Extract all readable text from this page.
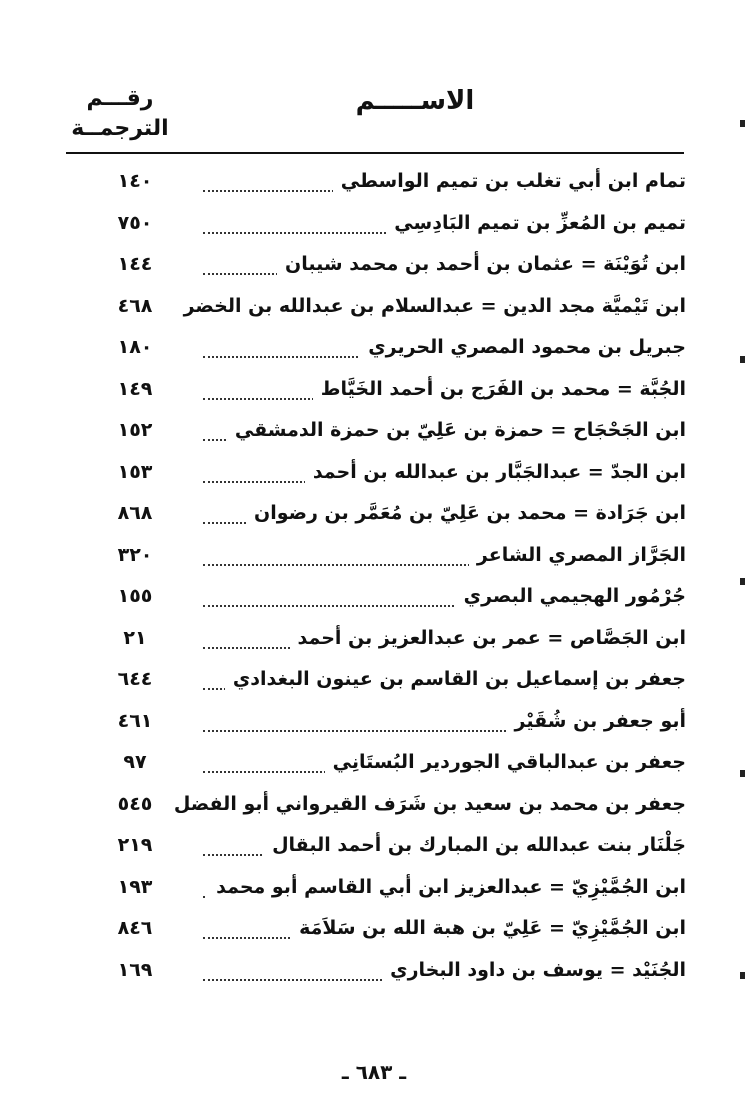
الاســـــم
رقـــم
الترجمــة
تمام ابن أبي تغلب بن تميم الواسطي
١٤٠
تميم بن المُعزِّ بن تميم البَادِسِي
٧٥٠
ابن تُوَيْنَة = عثمان بن أحمد بن محمد شيبان
١٤٤
ابن تَيْميَّة مجد الدين = عبدالسلام بن عبدالله بن الخضر
٤٦٨
جبريل بن محمود المصري الحريري
١٨٠
الجُبَّة = محمد بن الفَرَج بن أحمد الخَيَّاط
١٤٩
ابن الجَحْجَاح = حمزة بن عَلِيّ بن حمزة الدمشقي
١٥٢
ابن الجدّ = عبدالجَبَّار بن عبدالله بن أحمد
١٥٣
ابن جَرَادة = محمد بن عَلِيّ بن مُعَمَّر بن رضوان
٨٦٨
الجَرَّاز المصري الشاعر
٣٢٠
جُرْمُور الهجيمي البصري
١٥٥
ابن الجَصَّاص = عمر بن عبدالعزيز بن أحمد
٢١
جعفر بن إسماعيل بن القاسم بن عينون البغدادي
٦٤٤
أبو جعفر بن شُقَيْر
٤٦١
جعفر بن عبدالباقي الجوردير البُستَانِي
٩٧
جعفر بن محمد بن سعيد بن شَرَف القيرواني أبو الفضل
٥٤٥
جَلْنَار بنت عبدالله بن المبارك بن أحمد البقال
٢١٩
ابن الجُمَّيْزِيّ = عبدالعزيز ابن أبي القاسم أبو محمد
١٩٣
ابن الجُمَّيْزِيّ = عَلِيّ بن هبة الله بن سَلاَمَة
٨٤٦
الجُنَيْد = يوسف بن داود البخاري
١٦٩
ـ ٦٨٣ ـ
